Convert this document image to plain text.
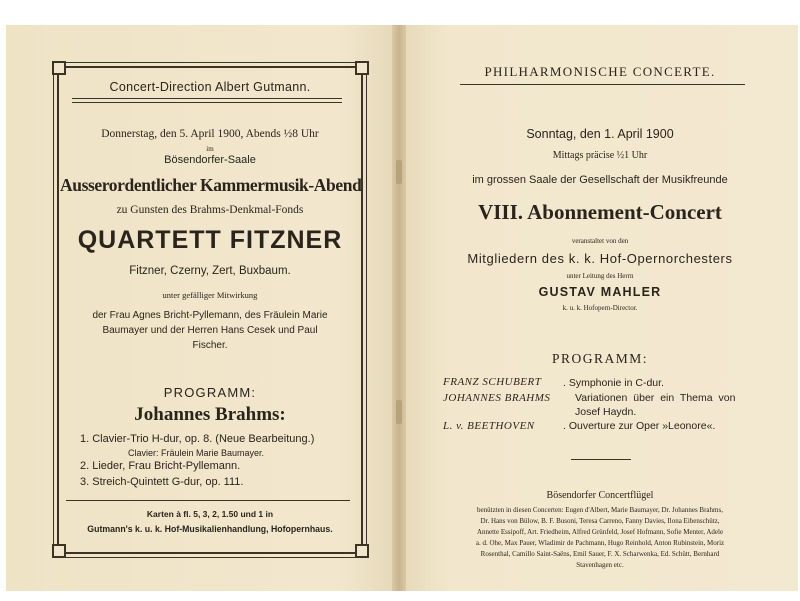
Concert-Direction Albert Gutmann.
Donnerstag, den 5. April 1900, Abends ½8 Uhr
im
Bösendorfer-Saale
Ausserordentlicher Kammermusik-Abend
zu Gunsten des Brahms-Denkmal-Fonds
QUARTETT FITZNER
Fitzner, Czerny, Zert, Buxbaum.
unter gefälliger Mitwirkung
der Frau Agnes Bricht-Pyllemann, des Fräulein Marie
Baumayer und der Herren Hans Cesek und Paul
Fischer.
PROGRAMM:
Johannes Brahms:
1. Clavier-Trio H-dur, op. 8. (Neue Bearbeitung.)
Clavier: Fräulein Marie Baumayer.
2. Lieder, Frau Bricht-Pyllemann.
3. Streich-Quintett G-dur, op. 111.
Karten à fl. 5, 3, 2, 1.50 und 1 in
Gutmann's k. u. k. Hof-Musikalienhandlung, Hofopernhaus.
PHILHARMONISCHE CONCERTE.
Sonntag, den 1. April 1900
Mittags präcise ½1 Uhr
im grossen Saale der Gesellschaft der Musikfreunde
VIII. Abonnement-Concert
veranstaltet von den
Mitgliedern des k. k. Hof-Opernorchesters
unter Leitung des Herrn
GUSTAV MAHLER
k. u. k. Hofopern-Director.
PROGRAMM:
FRANZ SCHUBERT . Symphonie in C-dur.
JOHANNES BRAHMS Variationen über ein Thema von
Josef Haydn.
L. v. BEETHOVEN	. Ouverture zur Oper »Leonore«.
Bösendorfer Concertflügel
benützten in diesen Concerten: Eugen d'Albert, Marie Baumayer, Dr. Johannes Brahms,
Dr. Hans von Bülow, B. F. Busoni, Teresa Carreno, Fanny Davies, Ilona Eibenschütz,
Annette Essipoff, Art. Friedheim, Alfred Grünfeld, Josef Hofmann, Sofie Menter, Adele
a. d. Ohe, Max Pauer, Wladimir de Pachmann, Hugo Reinhold, Anton Rubinstein, Moriz
Rosenthal, Camillo Saint-Saëns, Emil Sauer, F. X. Scharwenka, Ed. Schütt, Bernhard
Stavenhagen etc.
